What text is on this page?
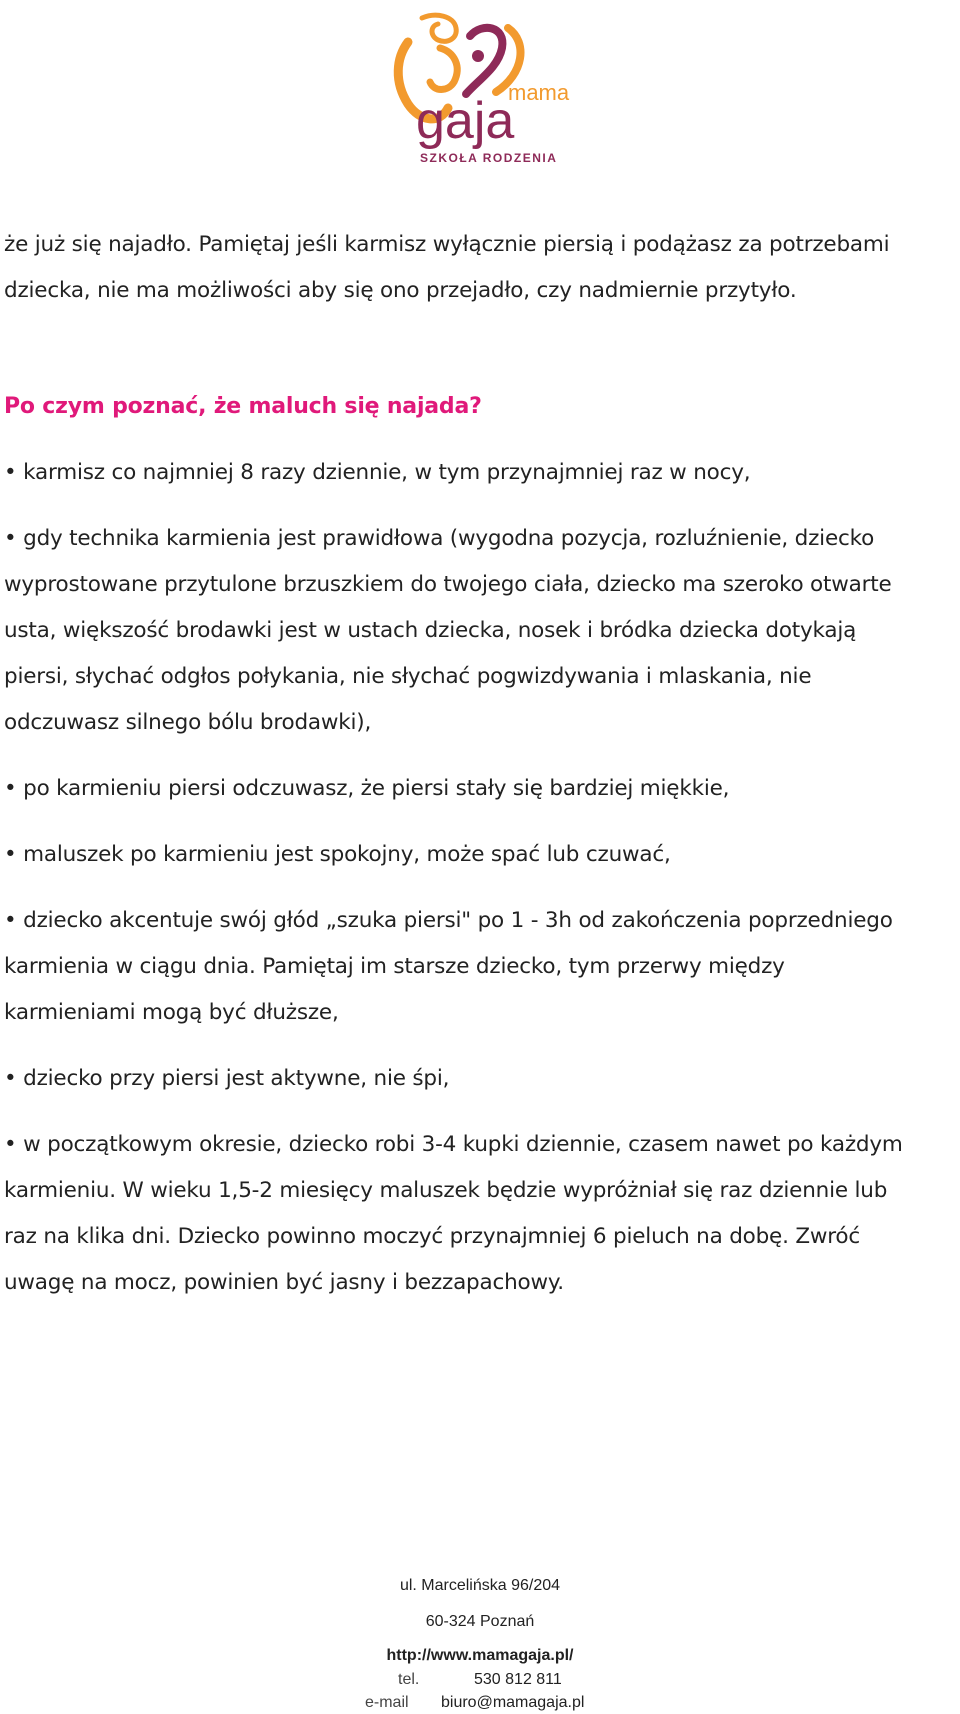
mama
gaja
SZKOŁA RODZENIA
że już się najadło. Pamiętaj jeśli karmisz wyłącznie piersią i podążasz za potrzebami
dziecka, nie ma możliwości aby się ono przejadło, czy nadmiernie przytyło.
Po czym poznać, że maluch się najada?
• karmisz co najmniej 8 razy dziennie, w tym przynajmniej raz w nocy,
• gdy technika karmienia jest prawidłowa (wygodna pozycja, rozluźnienie, dziecko
wyprostowane przytulone brzuszkiem do twojego ciała, dziecko ma szeroko otwarte
usta, większość brodawki jest w ustach dziecka, nosek i bródka dziecka dotykają
piersi, słychać odgłos połykania, nie słychać pogwizdywania i mlaskania, nie
odczuwasz silnego bólu brodawki),
• po karmieniu piersi odczuwasz, że piersi stały się bardziej miękkie,
• maluszek po karmieniu jest spokojny, może spać lub czuwać,
• dziecko akcentuje swój głód „szuka piersi" po 1 - 3h od zakończenia poprzedniego
karmienia w ciągu dnia. Pamiętaj im starsze dziecko, tym przerwy między
karmieniami mogą być dłuższe,
• dziecko przy piersi jest aktywne, nie śpi,
• w początkowym okresie, dziecko robi 3-4 kupki dziennie, czasem nawet po każdym
karmieniu. W wieku 1,5-2 miesięcy maluszek będzie wypróżniał się raz dziennie lub
raz na klika dni. Dziecko powinno moczyć przynajmniej 6 pieluch na dobę. Zwróć
uwagę na mocz, powinien być jasny i bezzapachowy.
ul. Marcelińska 96/204
60-324 Poznań
http://www.mamagaja.pl/
tel.	530 812 811
e-mail biuro@mamagaja.pl
